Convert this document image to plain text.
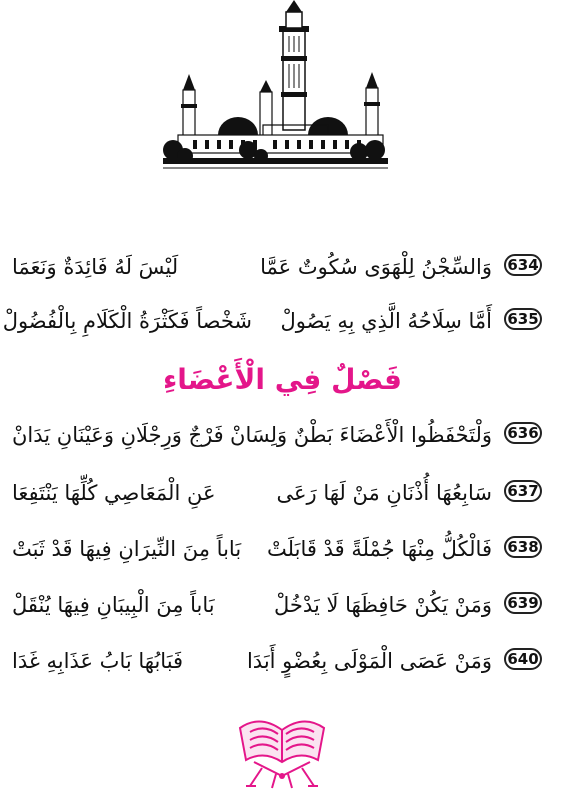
634
وَالسِّجْنُ لِلْهَوَى سُكُوتٌ عَمَّا
لَيْسَ لَهُ فَائِدَةٌ وَنَعَمَا
635
أَمَّا سِلَاحُهُ الَّذِي بِهِ يَصُولْ
شَخْصاً فَكَثْرَةُ الْكَلَامِ بِالْفُضُولْ
فَصْلٌ فِي الْأَعْضَاءِ
636
وَلْتَحْفَظُوا الْأَعْضَاءَ بَطْنٌ وَلِسَانْ
فَرْجٌ وَرِجْلَانِ وَعَيْنَانِ يَدَانْ
637
سَابِعُهَا أُذْنَانِ مَنْ لَهَا رَعَى
عَنِ الْمَعَاصِي كُلِّهَا يَنْتَفِعَا
638
فَالْكُلُّ مِنْهَا جُمْلَةً قَدْ قَابَلَتْ
بَاباً مِنَ النِّيرَانِ فِيهَا قَدْ ثَبَتْ
639
وَمَنْ يَكُنْ حَافِظَهَا لَا يَدْخُلْ
بَاباً مِنَ الْبِيبَانِ فِيهَا يُنْقَلْ
640
وَمَنْ عَصَى الْمَوْلَى بِعُضْوٍ أَبَدَا
فَبَابُهَا بَابُ عَذَابِهِ غَدَا
